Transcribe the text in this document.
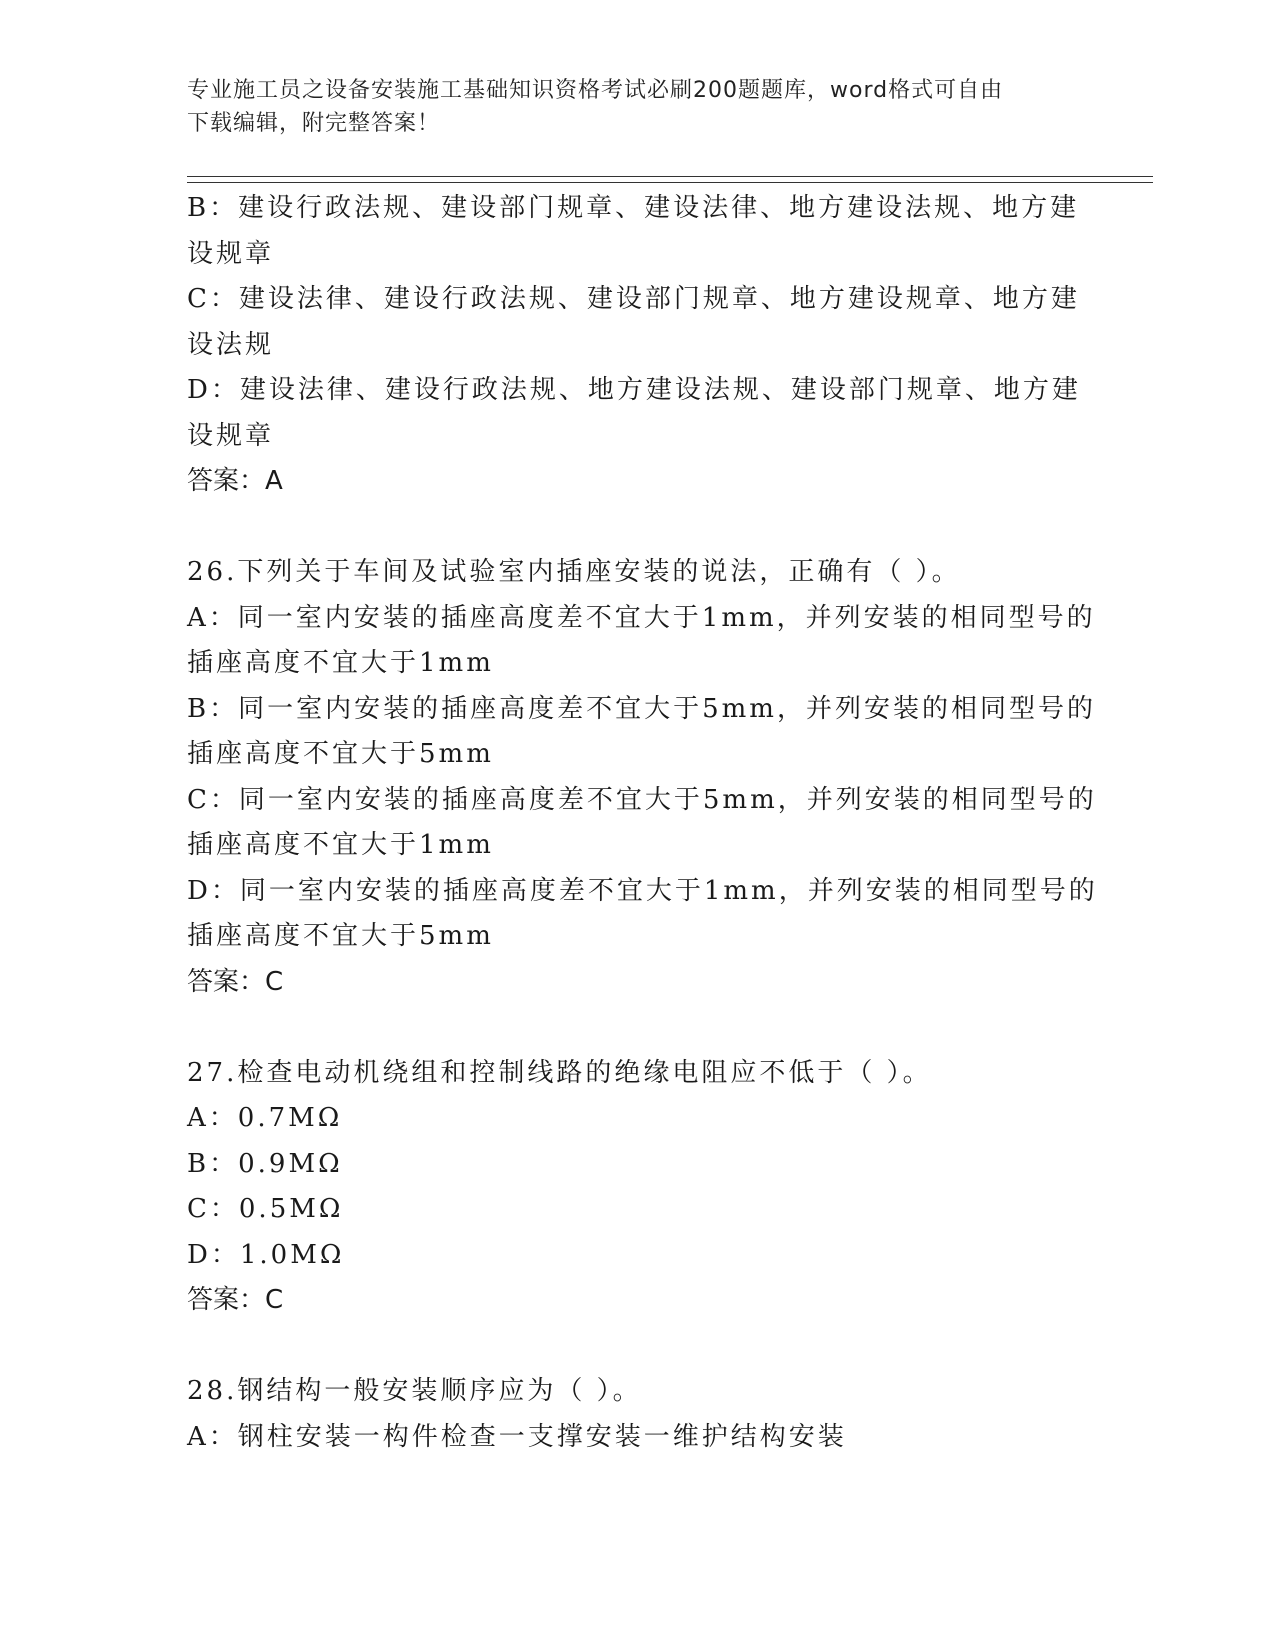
专业施工员之设备安装施工基础知识资格考试必刷200题题库，word格式可自由
下载编辑，附完整答案！
B：建设行政法规、建设部门规章、建设法律、地方建设法规、地方建
设规章
C：建设法律、建设行政法规、建设部门规章、地方建设规章、地方建
设法规
D：建设法律、建设行政法规、地方建设法规、建设部门规章、地方建
设规章
答案：A
26.下列关于车间及试验室内插座安装的说法，正确有（ ）。
A：同一室内安装的插座高度差不宜大于1mm，并列安装的相同型号的
插座高度不宜大于1mm
B：同一室内安装的插座高度差不宜大于5mm，并列安装的相同型号的
插座高度不宜大于5mm
C：同一室内安装的插座高度差不宜大于5mm，并列安装的相同型号的
插座高度不宜大于1mm
D：同一室内安装的插座高度差不宜大于1mm，并列安装的相同型号的
插座高度不宜大于5mm
答案：C
27.检查电动机绕组和控制线路的绝缘电阻应不低于（ ）。
A：0.7MΩ
B：0.9MΩ
C：0.5MΩ
D：1.0MΩ
答案：C
28.钢结构一般安装顺序应为（ ）。
A：钢柱安装一构件检查一支撑安装一维护结构安装
